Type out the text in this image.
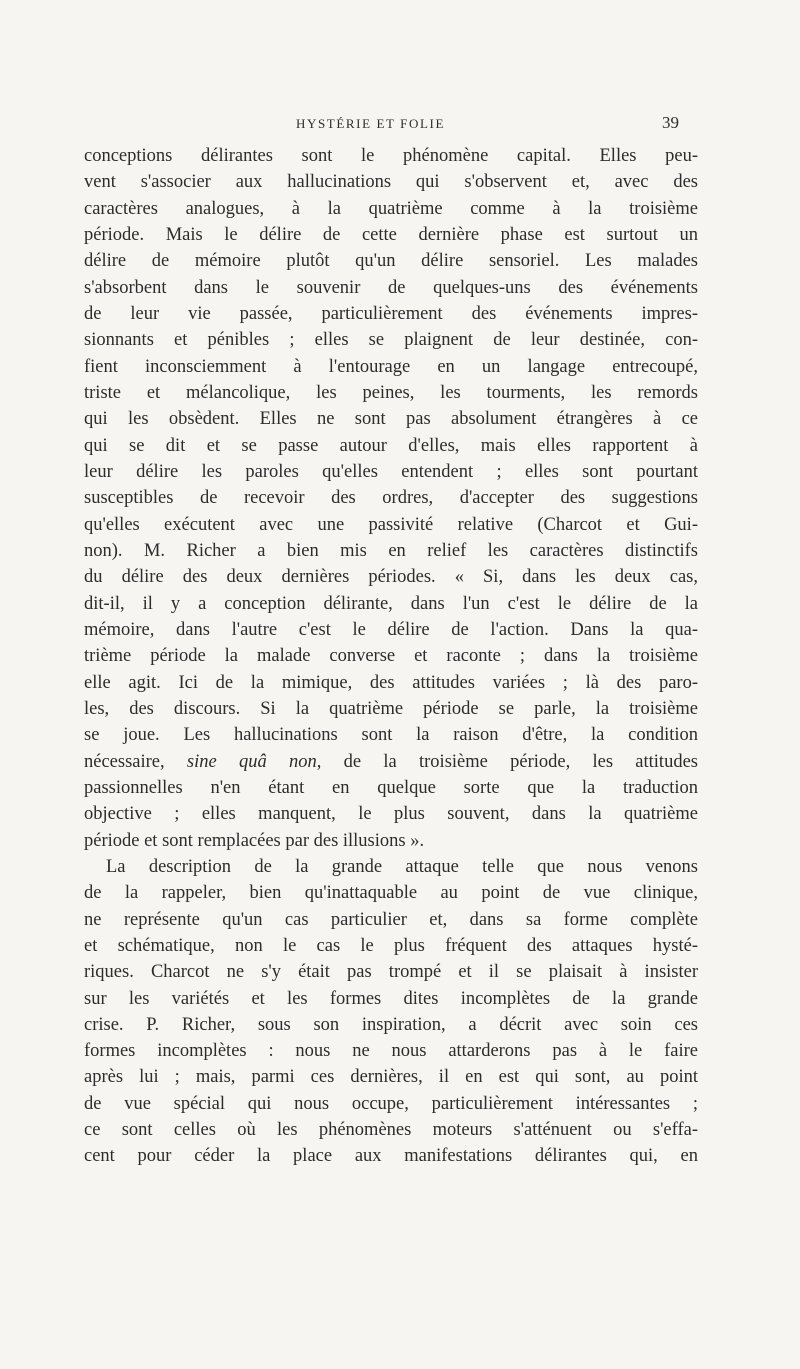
HYSTÉRIE ET FOLIE	39
conceptions délirantes sont le phénomène capital. Elles peu-
vent s'associer aux hallucinations qui s'observent et, avec des
caractères analogues, à la quatrième comme à la troisième
période. Mais le délire de cette dernière phase est surtout un
délire de mémoire plutôt qu'un délire sensoriel. Les malades
s'absorbent dans le souvenir de quelques-uns des événements
de leur vie passée, particulièrement des événements impres-
sionnants et pénibles ; elles se plaignent de leur destinée, con-
fient inconsciemment à l'entourage en un langage entrecoupé,
triste et mélancolique, les peines, les tourments, les remords
qui les obsèdent. Elles ne sont pas absolument étrangères à ce
qui se dit et se passe autour d'elles, mais elles rapportent à
leur délire les paroles qu'elles entendent ; elles sont pourtant
susceptibles de recevoir des ordres, d'accepter des suggestions
qu'elles exécutent avec une passivité relative (Charcot et Gui-
non). M. Richer a bien mis en relief les caractères distinctifs
du délire des deux dernières périodes. « Si, dans les deux cas,
dit-il, il y a conception délirante, dans l'un c'est le délire de la
mémoire, dans l'autre c'est le délire de l'action. Dans la qua-
trième période la malade converse et raconte ; dans la troisième
elle agit. Ici de la mimique, des attitudes variées ; là des paro-
les, des discours. Si la quatrième période se parle, la troisième
se joue. Les hallucinations sont la raison d'être, la condition
nécessaire, sine quâ non, de la troisième période, les attitudes
passionnelles n'en étant en quelque sorte que la traduction
objective ; elles manquent, le plus souvent, dans la quatrième
période et sont remplacées par des illusions ».
La description de la grande attaque telle que nous venons
de la rappeler, bien qu'inattaquable au point de vue clinique,
ne représente qu'un cas particulier et, dans sa forme complète
et schématique, non le cas le plus fréquent des attaques hysté-
riques. Charcot ne s'y était pas trompé et il se plaisait à insister
sur les variétés et les formes dites incomplètes de la grande
crise. P. Richer, sous son inspiration, a décrit avec soin ces
formes incomplètes : nous ne nous attarderons pas à le faire
après lui ; mais, parmi ces dernières, il en est qui sont, au point
de vue spécial qui nous occupe, particulièrement intéressantes ;
ce sont celles où les phénomènes moteurs s'atténuent ou s'effa-
cent pour céder la place aux manifestations délirantes qui, en
